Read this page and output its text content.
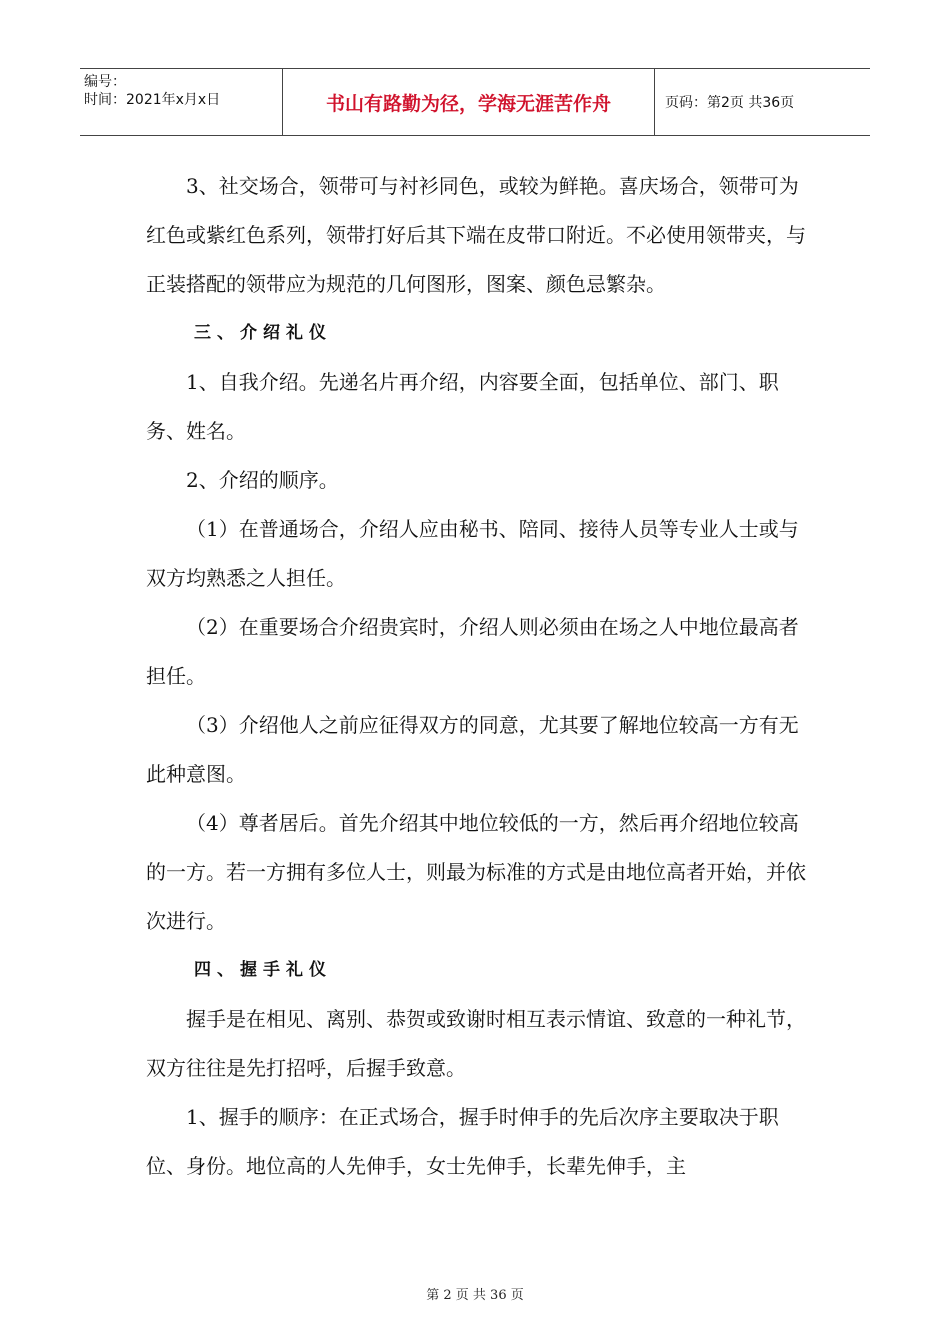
编号：
时间：2021年x月x日	书山有路勤为径，学海无涯苦作舟	页码：第2页 共36页

3、社交场合，领带可与衬衫同色，或较为鲜艳。喜庆场合，领带可为红色或紫红色系列，领带打好后其下端在皮带口附近。不必使用领带夹，与正装搭配的领带应为规范的几何图形，图案、颜色忌繁杂。

三、介绍礼仪

1、自我介绍。先递名片再介绍，内容要全面，包括单位、部门、职务、姓名。

2、介绍的顺序。

（1）在普通场合，介绍人应由秘书、陪同、接待人员等专业人士或与双方均熟悉之人担任。

（2）在重要场合介绍贵宾时，介绍人则必须由在场之人中地位最高者担任。

（3）介绍他人之前应征得双方的同意，尤其要了解地位较高一方有无此种意图。

（4）尊者居后。首先介绍其中地位较低的一方，然后再介绍地位较高的一方。若一方拥有多位人士，则最为标准的方式是由地位高者开始，并依次进行。

四、握手礼仪

握手是在相见、离别、恭贺或致谢时相互表示情谊、致意的一种礼节，双方往往是先打招呼，后握手致意。

1、握手的顺序：在正式场合，握手时伸手的先后次序主要取决于职位、身份。地位高的人先伸手，女士先伸手，长辈先伸手，主

第 2 页 共 36 页
